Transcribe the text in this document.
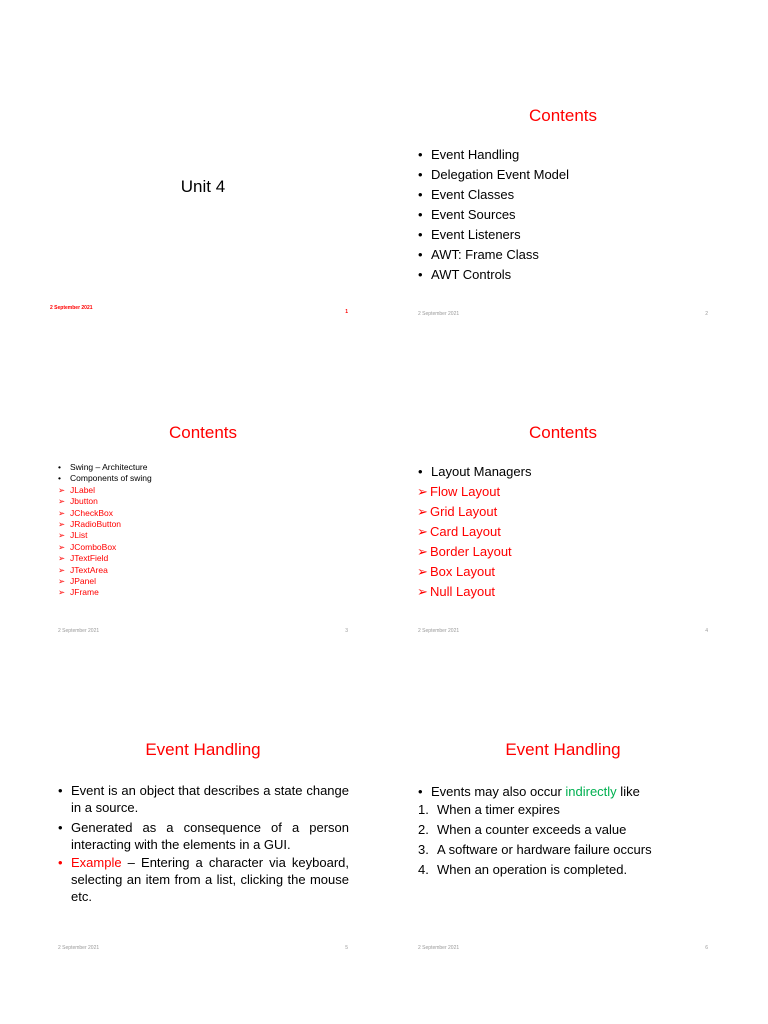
Unit 4
2 September 2021
1
Contents
• Event Handling
• Delegation Event Model
• Event Classes
• Event Sources
• Event Listeners
• AWT: Frame Class
• AWT Controls
2 September 2021	2
Contents
• Swing – Architecture
• Components of swing
➢ JLabel
➢ Jbutton
➢ JCheckBox
➢ JRadioButton
➢ JList
➢ JComboBox
➢ JTextField
➢ JTextArea
➢ JPanel
➢ JFrame
2 September 2021	3
Contents
• Layout Managers
➢ Flow Layout
➢ Grid Layout
➢ Card Layout
➢ Border Layout
➢ Box Layout
➢ Null Layout
2 September 2021	4
Event Handling
• Event is an object that describes a state change in a source.
• Generated as a consequence of a person interacting with the elements in a GUI.
• Example – Entering a character via keyboard, selecting an item from a list, clicking the mouse etc.
2 September 2021	5
Event Handling
• Events may also occur indirectly like
1. When a timer expires
2. When a counter exceeds a value
3. A software or hardware failure occurs
4. When an operation is completed.
2 September 2021	6
